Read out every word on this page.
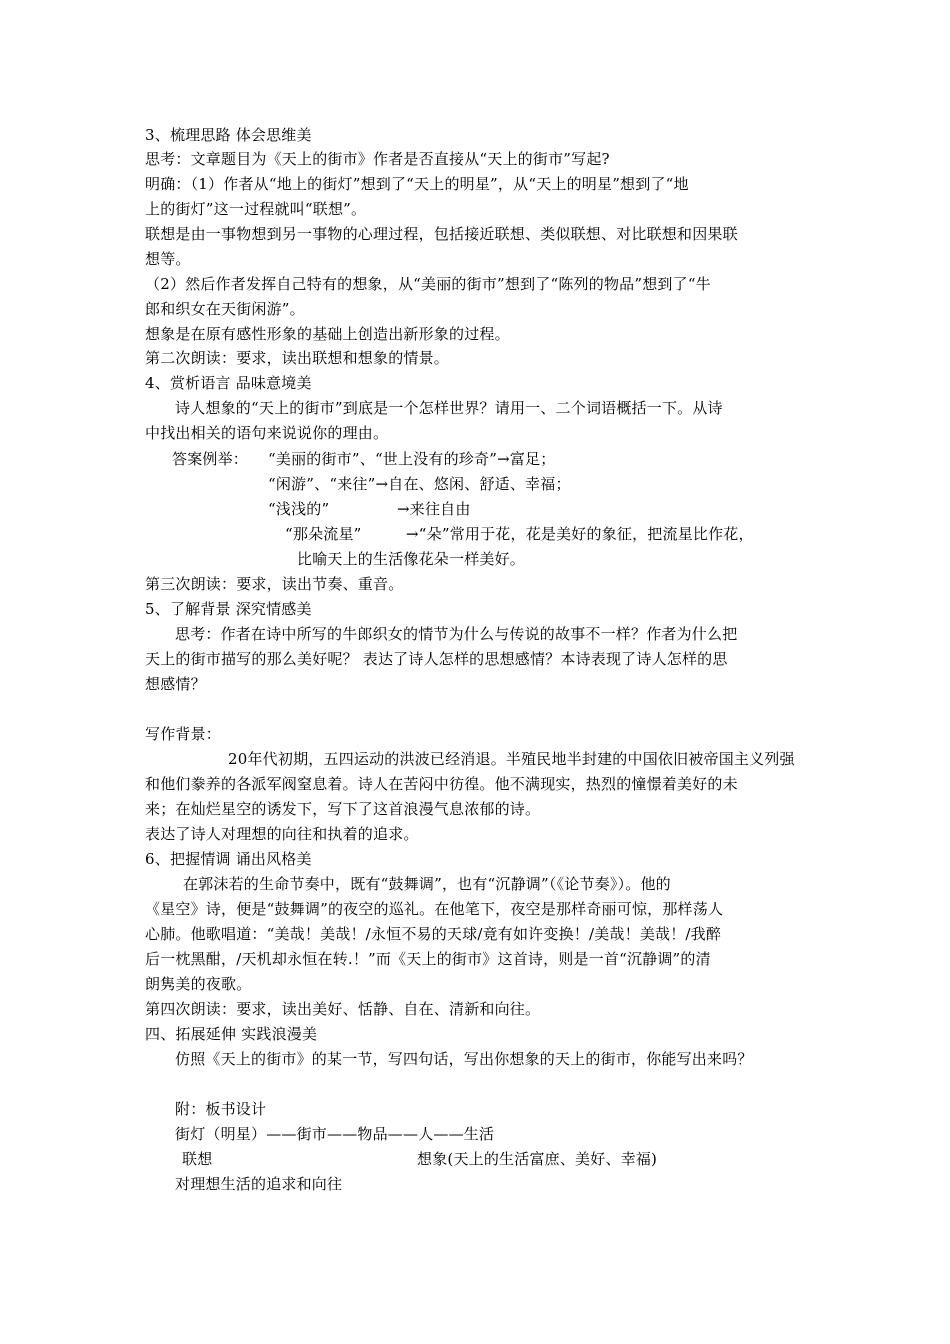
3、梳理思路 体会思维美
思考：文章题目为《天上的街市》作者是否直接从“天上的街市”写起?
明确：（1）作者从“地上的街灯”想到了“天上的明星”，从“天上的明星”想到了“地
上的街灯”这一过程就叫“联想”。
联想是由一事物想到另一事物的心理过程，包括接近联想、类似联想、对比联想和因果联
想等。
（2）然后作者发挥自己特有的想象，从“美丽的街市”想到了“陈列的物品”想到了“牛
郎和织女在天街闲游”。
想象是在原有感性形象的基础上创造出新形象的过程。
第二次朗读：要求，读出联想和想象的情景。
4、赏析语言 品味意境美
诗人想象的“天上的街市”到底是一个怎样世界？请用一、二个词语概括一下。从诗
中找出相关的语句来说说你的理由。
答案例举： “美丽的街市”、“世上没有的珍奇”→富足；
“闲游”、“来往”→自在、悠闲、舒适、幸福；
“浅浅的”	→来往自由
“那朵流星”	→“朵”常用于花，花是美好的象征，把流星比作花，
比喻天上的生活像花朵一样美好。
第三次朗读：要求，读出节奏、重音。
5、了解背景 深究情感美
思考：作者在诗中所写的牛郎织女的情节为什么与传说的故事不一样？作者为什么把
天上的街市描写的那么美好呢？ 表达了诗人怎样的思想感情？本诗表现了诗人怎样的思
想感情？
写作背景：
20年代初期，五四运动的洪波已经消退。半殖民地半封建的中国依旧被帝国主义列强
和他们豢养的各派军阀窒息着。诗人在苦闷中彷徨。他不满现实，热烈的憧憬着美好的未
来；在灿烂星空的诱发下，写下了这首浪漫气息浓郁的诗。
表达了诗人对理想的向往和执着的追求。
6、把握情调 诵出风格美
在郭沫若的生命节奏中，既有“鼓舞调”，也有“沉静调”（《论节奏》）。他的
《星空》诗，便是“鼓舞调”的夜空的巡礼。在他笔下，夜空是那样奇丽可惊，那样荡人
心肺。他歌唱道：“美哉！美哉！/永恒不易的天球/竟有如许变换！/美哉！美哉！/我醉
后一枕黑酣，/天机却永恒在转.！”而《天上的街市》这首诗，则是一首“沉静调”的清
朗隽美的夜歌。
第四次朗读：要求，读出美好、恬静、自在、清新和向往。
四、拓展延伸 实践浪漫美
仿照《天上的街市》的某一节，写四句话，写出你想象的天上的街市，你能写出来吗？
附：板书设计
街灯（明星）——街市——物品——人——生活
联想	想象(天上的生活富庶、美好、幸福)
对理想生活的追求和向往
